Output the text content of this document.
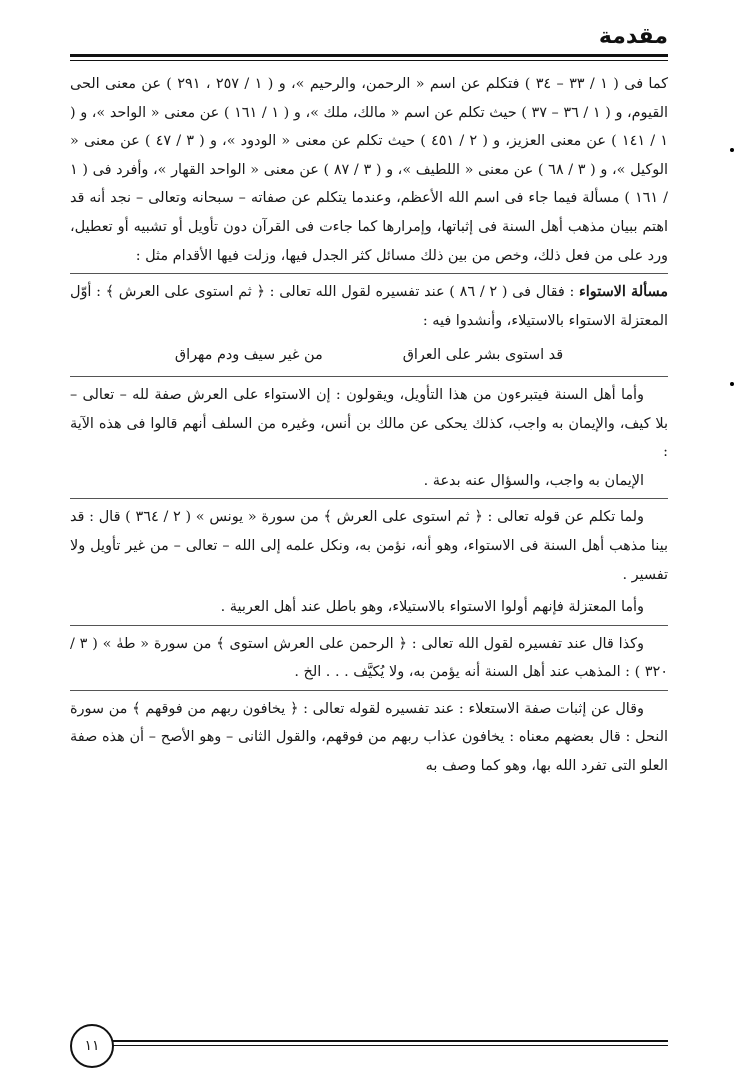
مقدمة

كما فى ( ١ / ٣٣ – ٣٤ ) فتكلم عن اسم « الرحمن، والرحيم »، و ( ١ / ٢٥٧ ، ٢٩١ ) عن معنى الحى القيوم، و ( ١ / ٣٦ – ٣٧ ) حيث تكلم عن اسم « مالك، ملك »، و ( ١ / ١٦١ ) عن معنى « الواحد »، و ( ١ / ١٤١ ) عن معنى العزيز، و ( ٢ / ٤٥١ ) حيث تكلم عن معنى « الودود »، و ( ٣ / ٤٧ ) عن معنى « الوكيل »، و ( ٣ / ٦٨ ) عن معنى « اللطيف »، و ( ٣ / ٨٧ ) عن معنى « الواحد القهار »، وأفرد فى ( ١ / ١٦١ ) مسألة فيما جاء فى اسم الله الأعظم، وعندما يتكلم عن صفاته – سبحانه وتعالى – نجد أنه قد اهتم ببيان مذهب أهل السنة فى إثباتها، وإمرارها كما جاءت فى القرآن دون تأويل أو تشبيه أو تعطيل، ورد على من فعل ذلك، وخص من بين ذلك مسائل كثر الجدل فيها، وزلت فيها الأقدام مثل :

مسألة الاستواء : فقال فى ( ٢ / ٨٦ ) عند تفسيره لقول الله تعالى : ﴿ ثم استوى على العرش ﴾ : أوّل المعتزلة الاستواء بالاستيلاء، وأنشدوا فيه :

قد استوى بشر على العراق
من غير سيف ودم مهراق

وأما أهل السنة فيتبرءون من هذا التأويل، ويقولون : إن الاستواء على العرش صفة لله – تعالى – بلا كيف، والإيمان به واجب، كذلك يحكى عن مالك بن أنس، وغيره من السلف أنهم قالوا فى هذه الآية :

الإيمان به واجب، والسؤال عنه بدعة .

ولما تكلم عن قوله تعالى : ﴿ ثم استوى على العرش ﴾ من سورة « يونس » ( ٢ / ٣٦٤ ) قال : قد بينا مذهب أهل السنة فى الاستواء، وهو أنه، نؤمن به، ونكل علمه إلى الله – تعالى – من غير تأويل ولا تفسير .

وأما المعتزلة فإنهم أولوا الاستواء بالاستيلاء، وهو باطل عند أهل العربية .

وكذا قال عند تفسيره لقول الله تعالى : ﴿ الرحمن على العرش استوى ﴾ من سورة « طهٰ » ( ٣ / ٣٢٠ ) : المذهب عند أهل السنة أنه يؤمن به، ولا يُكيَّف . . . الخ .

وقال عن إثبات صفة الاستعلاء : عند تفسيره لقوله تعالى : ﴿ يخافون ربهم من فوقهم ﴾ من سورة النحل : قال بعضهم معناه : يخافون عذاب ربهم من فوقهم، والقول الثانى – وهو الأصح – أن هذه صفة العلو التى تفرد الله بها، وهو كما وصف به

١١
